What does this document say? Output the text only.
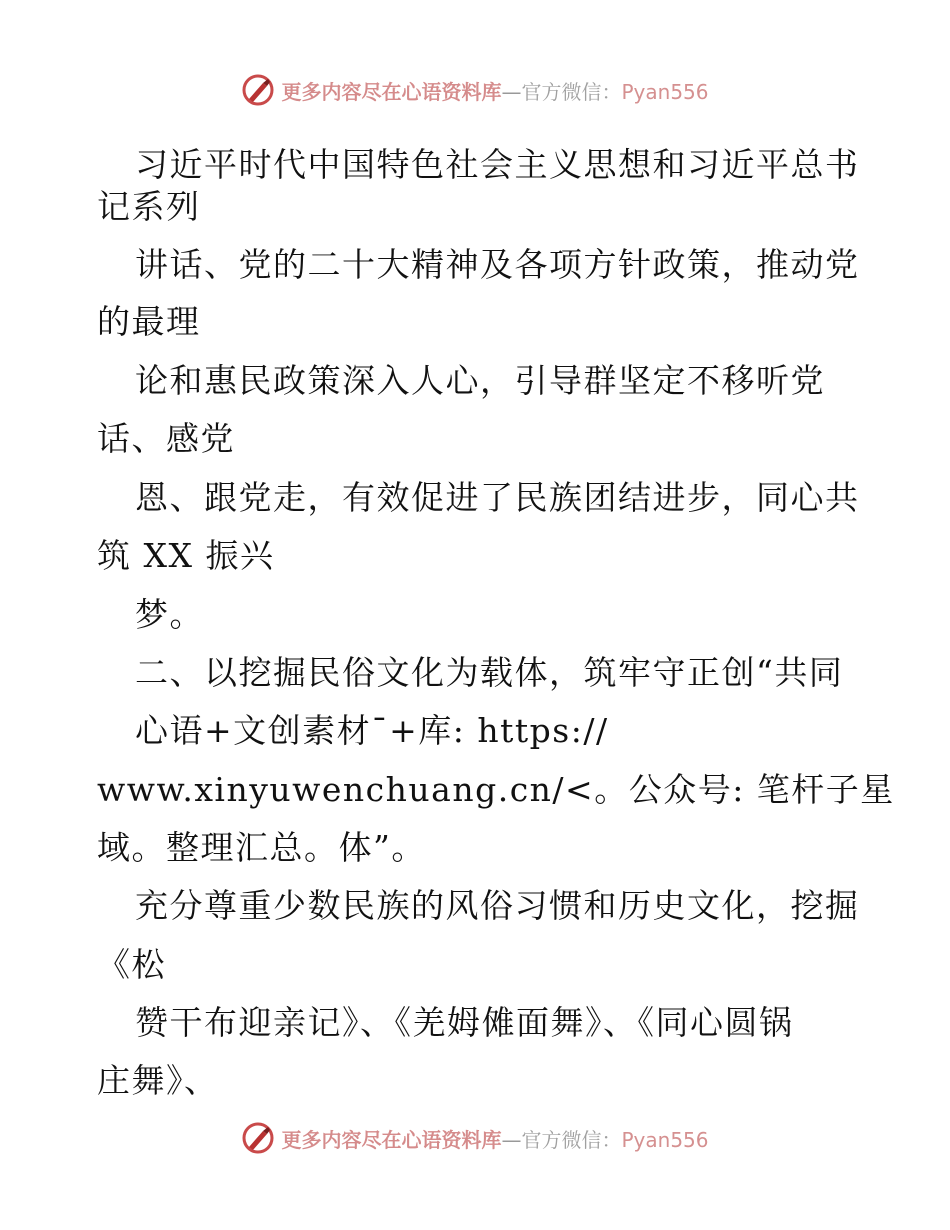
更多内容尽在心语资料库—官方微信：Pyan556
习近平时代中国特色社会主义思想和习近平总书
记系列
讲话、党的二十大精神及各项方针政策，推动党
的最理
论和惠民政策深入人心，引导群坚定不移听党
话、感党
恩、跟党走，有效促进了民族团结进步，同心共
筑 XX 振兴
梦。
二、以挖掘民俗文化为载体，筑牢守正创“共同
心语+文创素材¯+库: https://
www.xinyuwenchuang.cn/<。公众号: 笔杆子星
域。整理汇总。体”。
充分尊重少数民族的风俗习惯和历史文化，挖掘
《松
赞干布迎亲记》、《羌姆傩面舞》、《同心圆锅
庄舞》、
更多内容尽在心语资料库—官方微信：Pyan556
